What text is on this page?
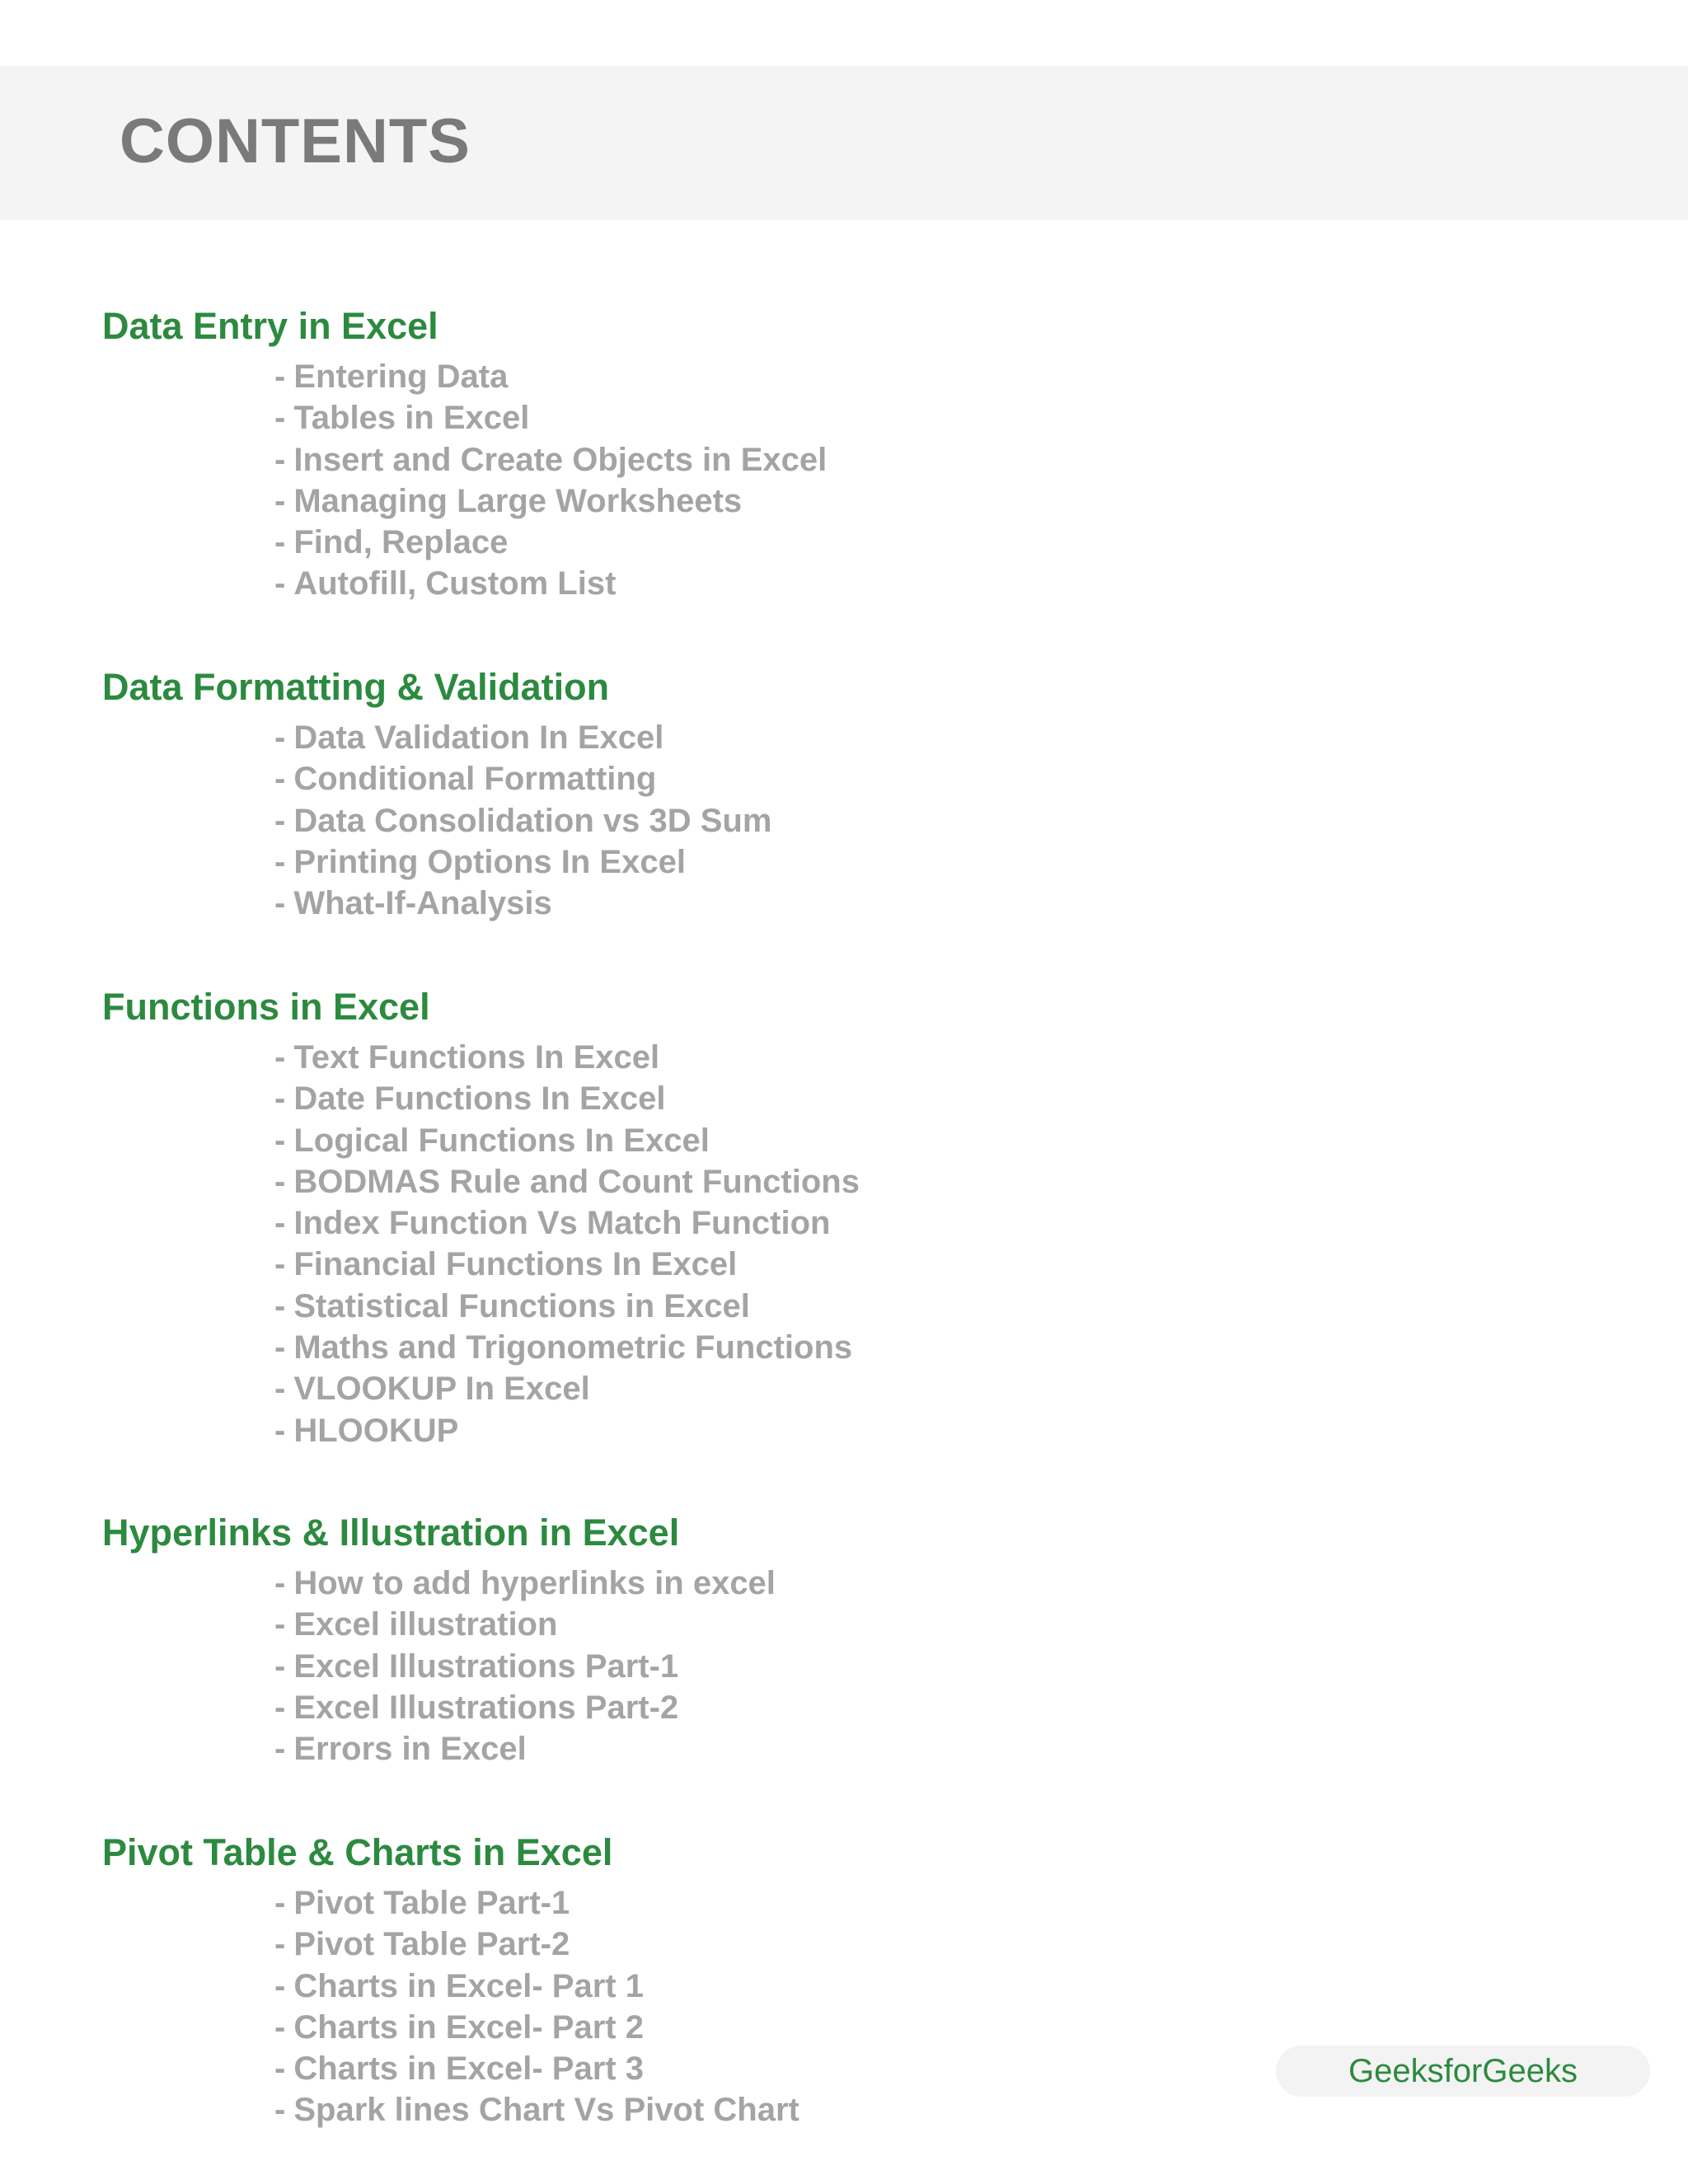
CONTENTS
Data Entry in Excel
- Entering Data
- Tables in Excel
- Insert and Create Objects in Excel
- Managing Large Worksheets
- Find, Replace
- Autofill, Custom List
Data Formatting & Validation
- Data Validation In Excel
- Conditional Formatting
- Data Consolidation vs 3D Sum
- Printing Options In Excel
- What-If-Analysis
Functions in Excel
- Text Functions In Excel
- Date Functions In Excel
- Logical Functions In Excel
- BODMAS Rule and Count Functions
- Index Function Vs Match Function
- Financial Functions In Excel
- Statistical Functions in Excel
- Maths and Trigonometric Functions
- VLOOKUP In Excel
- HLOOKUP
Hyperlinks & Illustration in Excel
- How to add hyperlinks in excel
- Excel illustration
- Excel Illustrations Part-1
- Excel Illustrations Part-2
- Errors in Excel
Pivot Table & Charts in Excel
- Pivot Table Part-1
- Pivot Table Part-2
- Charts in Excel- Part 1
- Charts in Excel- Part 2
- Charts in Excel- Part 3
- Spark lines Chart Vs Pivot Chart
GeeksforGeeks
